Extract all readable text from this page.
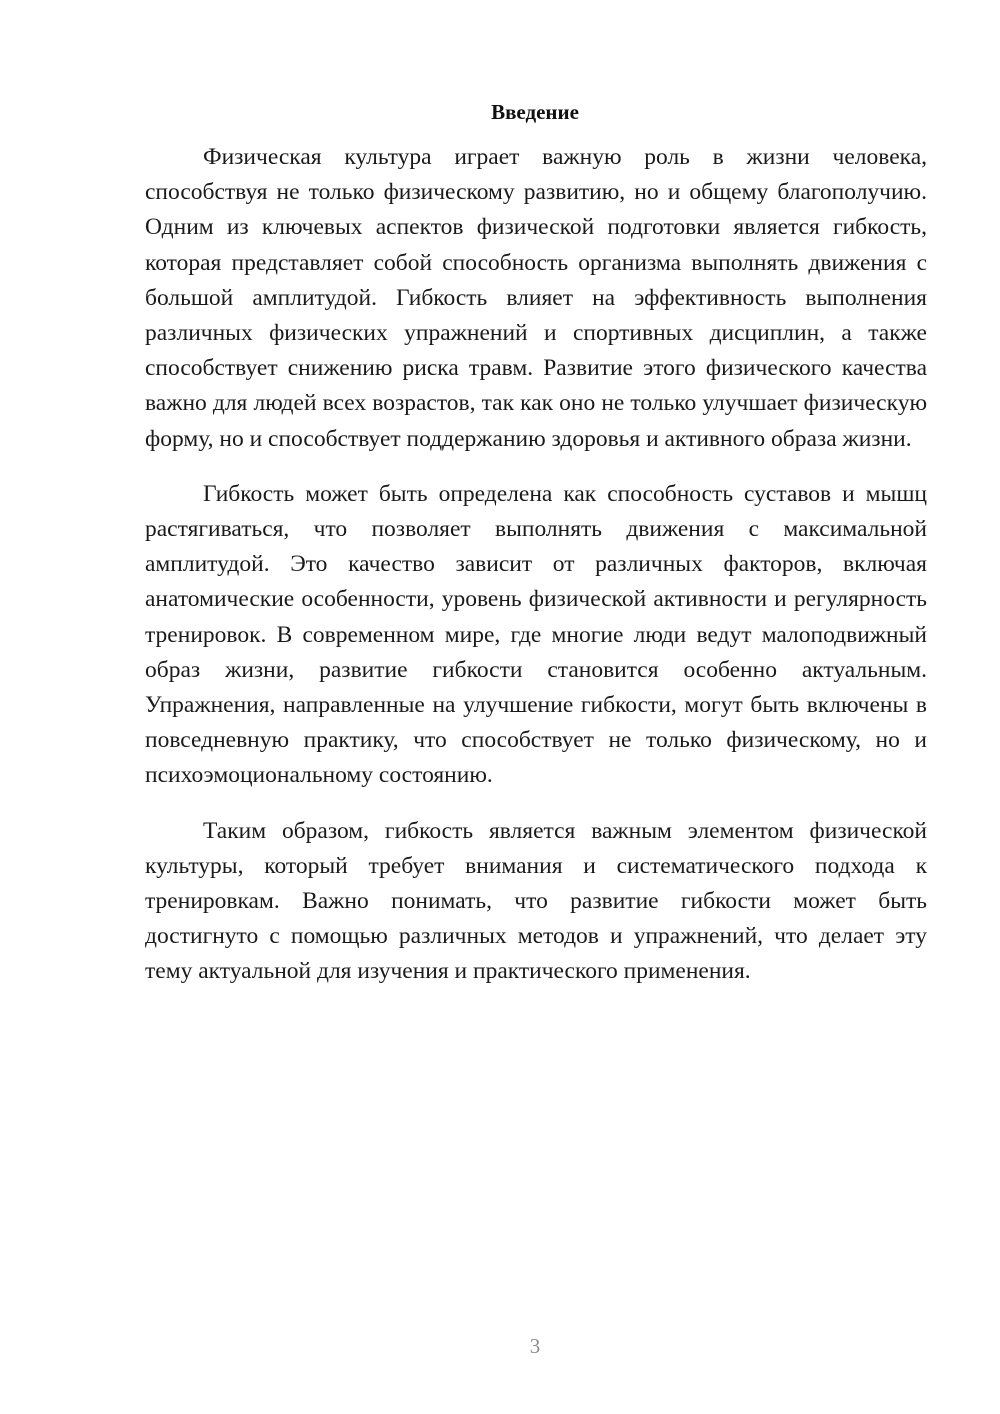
Введение

Физическая культура играет важную роль в жизни человека, способствуя не только физическому развитию, но и общему благополучию. Одним из ключевых аспектов физической подготовки является гибкость, которая представляет собой способность организма выполнять движения с большой амплитудой. Гибкость влияет на эффективность выполнения различных физических упражнений и спортивных дисциплин, а также способствует снижению риска травм. Развитие этого физического качества важно для людей всех возрастов, так как оно не только улучшает физическую форму, но и способствует поддержанию здоровья и активного образа жизни.

Гибкость может быть определена как способность суставов и мышц растягиваться, что позволяет выполнять движения с максимальной амплитудой. Это качество зависит от различных факторов, включая анатомические особенности, уровень физической активности и регулярность тренировок. В современном мире, где многие люди ведут малоподвижный образ жизни, развитие гибкости становится особенно актуальным. Упражнения, направленные на улучшение гибкости, могут быть включены в повседневную практику, что способствует не только физическому, но и психоэмоциональному состоянию.

Таким образом, гибкость является важным элементом физической культуры, который требует внимания и систематического подхода к тренировкам. Важно понимать, что развитие гибкости может быть достигнуто с помощью различных методов и упражнений, что делает эту тему актуальной для изучения и практического применения.

3
